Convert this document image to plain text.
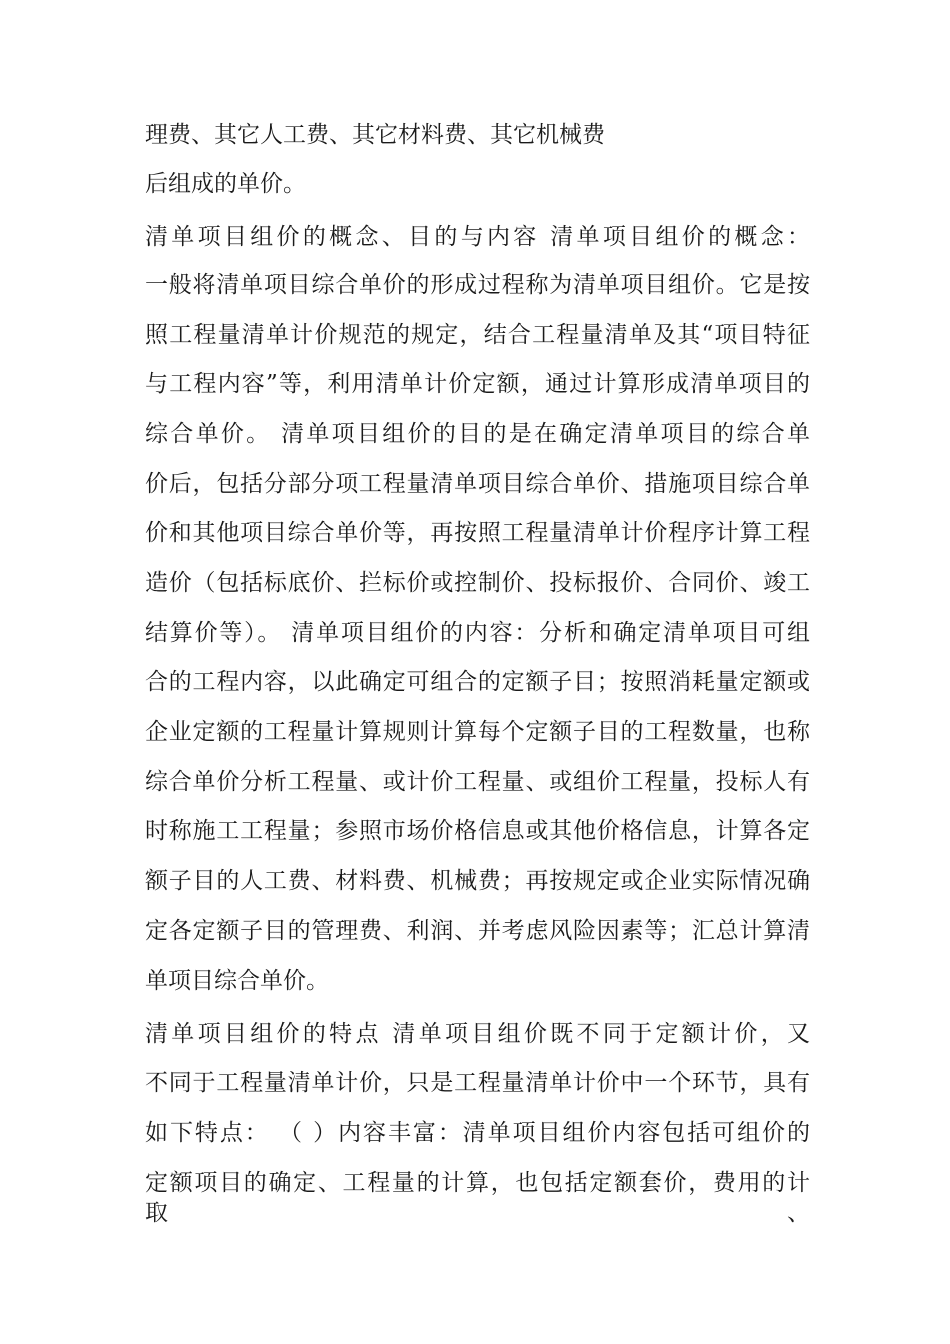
理费、其它人工费、其它材料费、其它机械费
后组成的单价。
清单项目组价的概念、目的与内容 清单项目组价的概念：
一般将清单项目综合单价的形成过程称为清单项目组价。它是按
照工程量清单计价规范的规定，结合工程量清单及其“项目特征
与工程内容”等，利用清单计价定额，通过计算形成清单项目的
综合单价。 清单项目组价的目的是在确定清单项目的综合单
价后，包括分部分项工程量清单项目综合单价、措施项目综合单
价和其他项目综合单价等，再按照工程量清单计价程序计算工程
造价（包括标底价、拦标价或控制价、投标报价、合同价、竣工
结算价等）。 清单项目组价的内容：分析和确定清单项目可组
合的工程内容，以此确定可组合的定额子目；按照消耗量定额或
企业定额的工程量计算规则计算每个定额子目的工程数量，也称
综合单价分析工程量、或计价工程量、或组价工程量，投标人有
时称施工工程量；参照市场价格信息或其他价格信息，计算各定
额子目的人工费、材料费、机械费；再按规定或企业实际情况确
定各定额子目的管理费、利润、并考虑风险因素等；汇总计算清
单项目综合单价。
清单项目组价的特点 清单项目组价既不同于定额计价，又
不同于工程量清单计价，只是工程量清单计价中一个环节，具有
如下特点： （ ）内容丰富：清单项目组价内容包括可组价的
定额项目的确定、工程量的计算，也包括定额套价，费用的计取、
